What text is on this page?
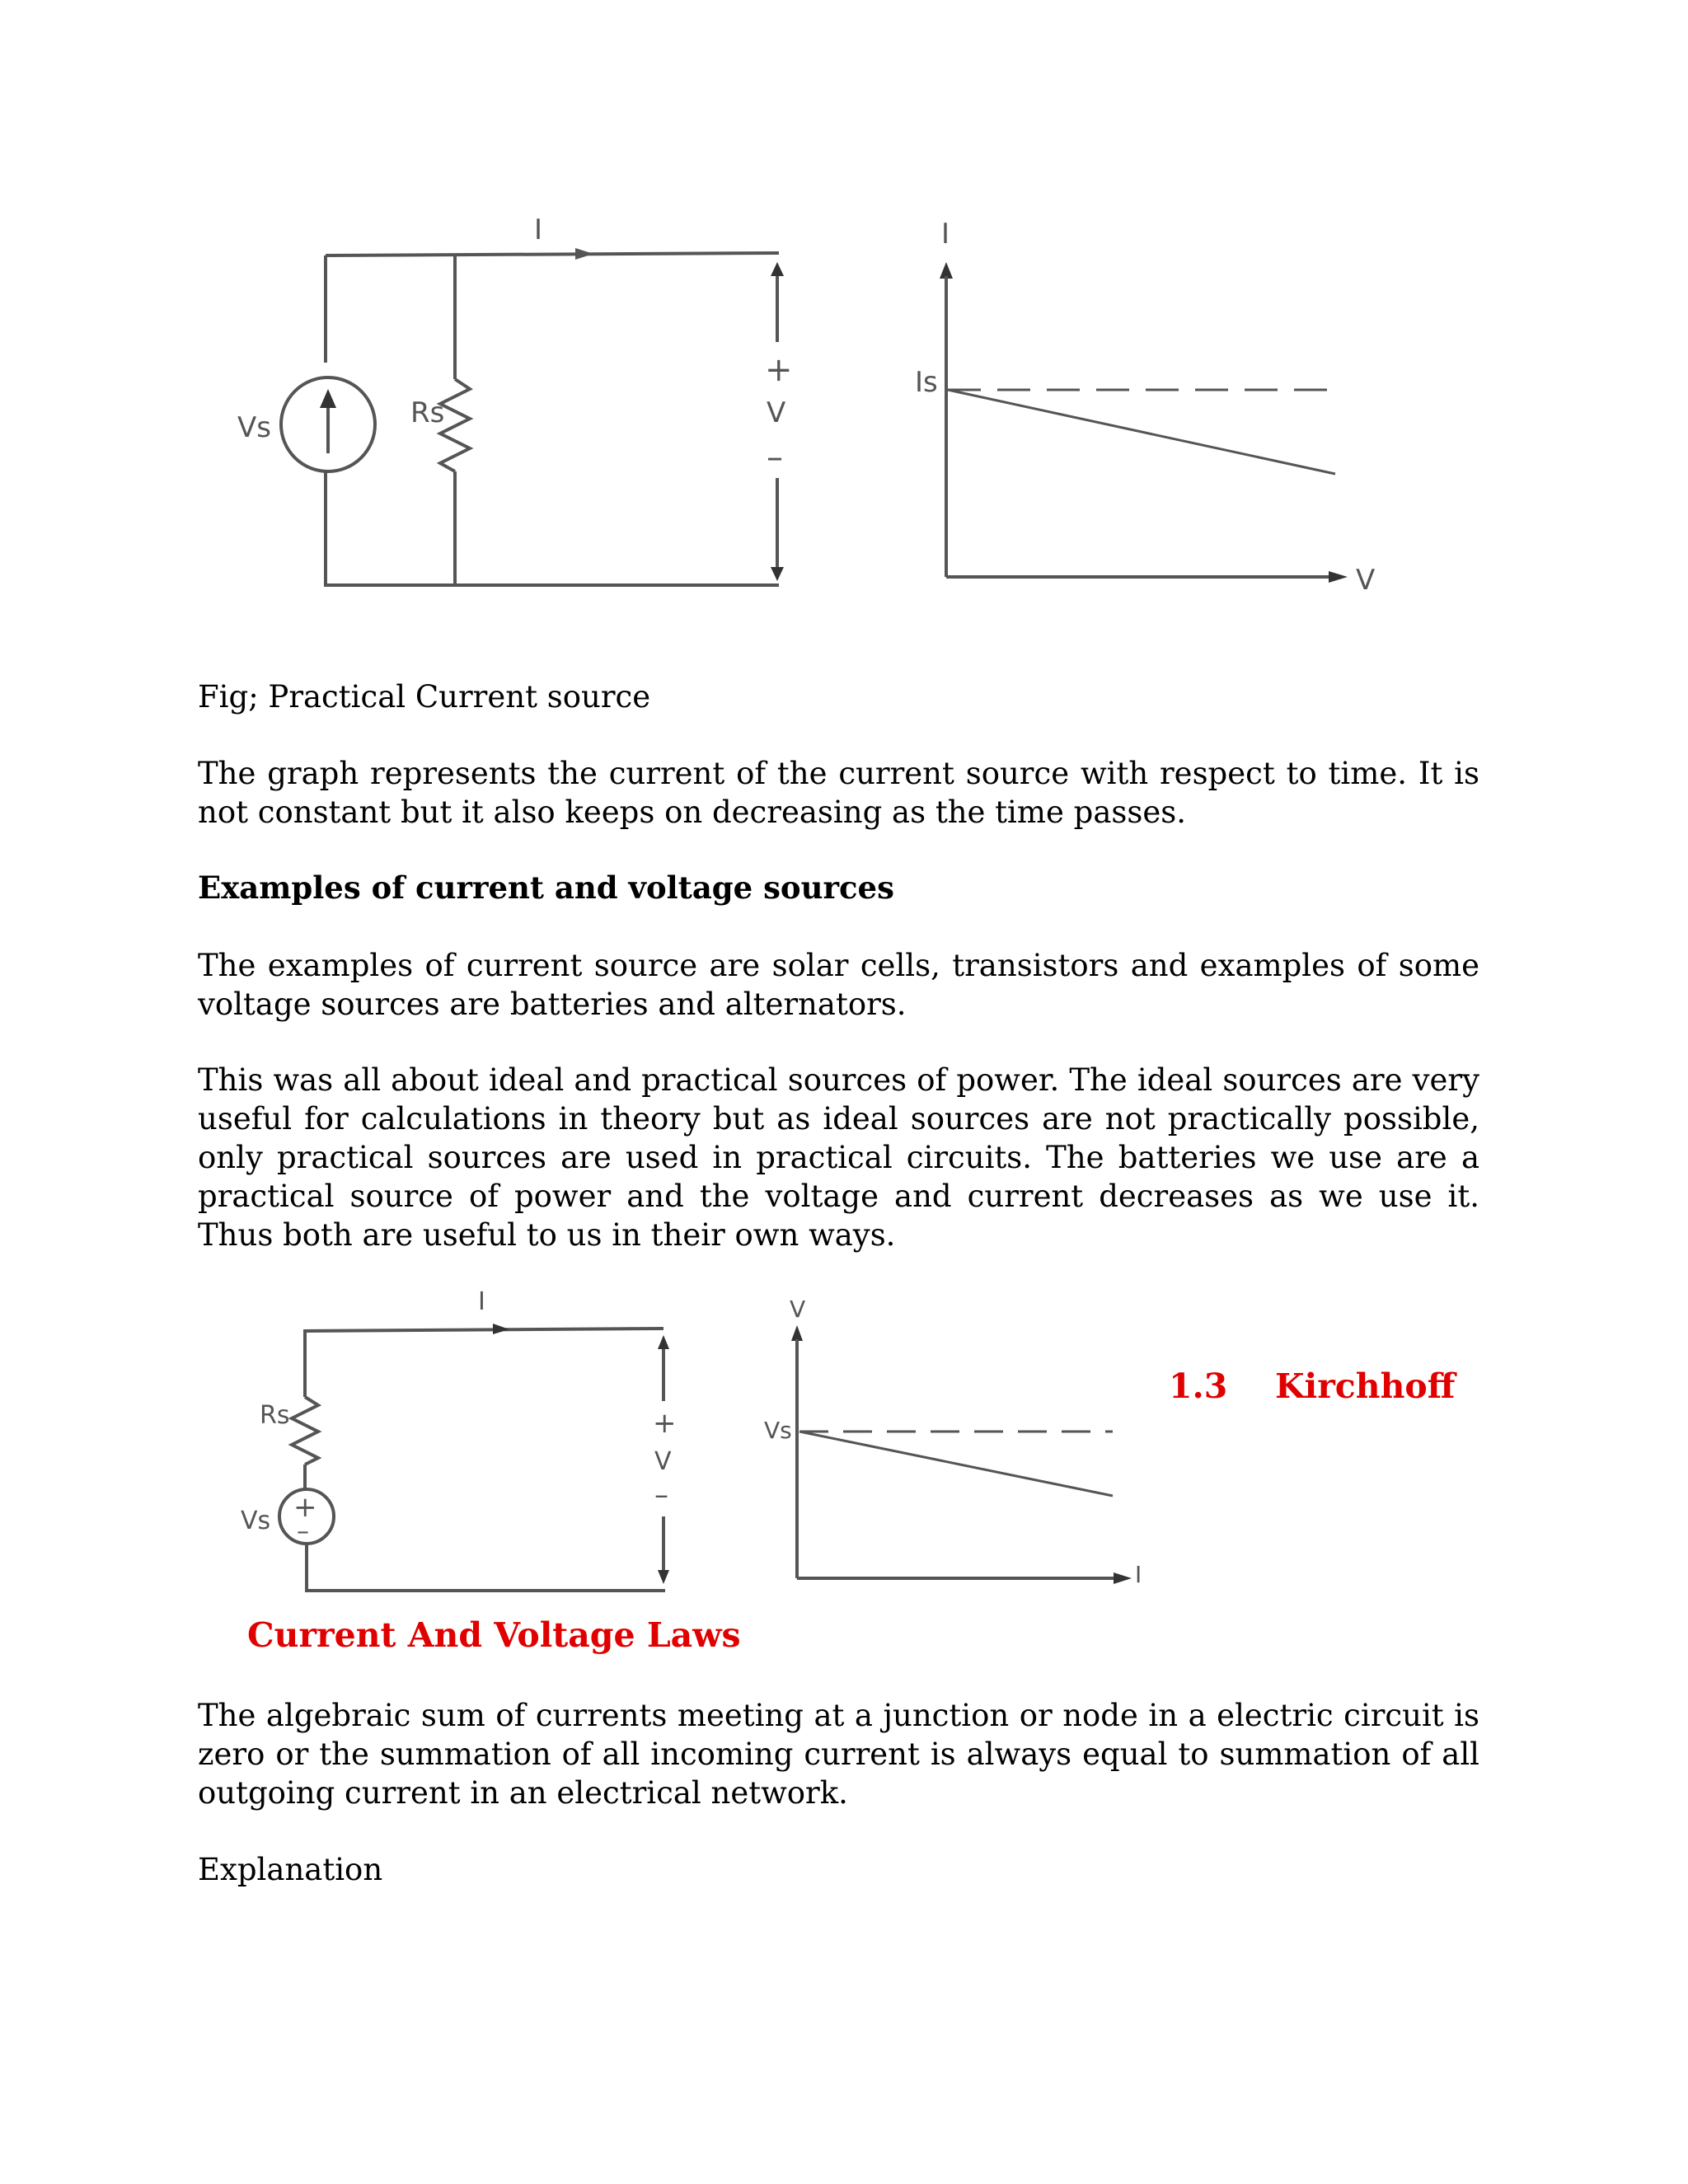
I
Vs	Rs
+
V
–
I
V
Is

Fig; Practical Current source

The graph represents the current of the current source with respect to time. It is not constant but it also keeps on decreasing as the time passes.

Examples of current and voltage sources

The examples of current source are solar cells, transistors and examples of some voltage sources are batteries and alternators.

This was all about ideal and practical sources of power. The ideal sources are very useful for calculations in theory but as ideal sources are not practically possible, only practical sources are used in practical circuits. The batteries we use are a practical source of power and the voltage and current decreases as we use it. Thus both are useful to us in their own ways.

I
Rs
+
–
Vs
+
V
–
V
I
Vs
1.3 Kirchhoff
Current And Voltage Laws

The algebraic sum of currents meeting at a junction or node in a electric circuit is zero or the summation of all incoming current is always equal to summation of all outgoing current in an electrical network.

Explanation
